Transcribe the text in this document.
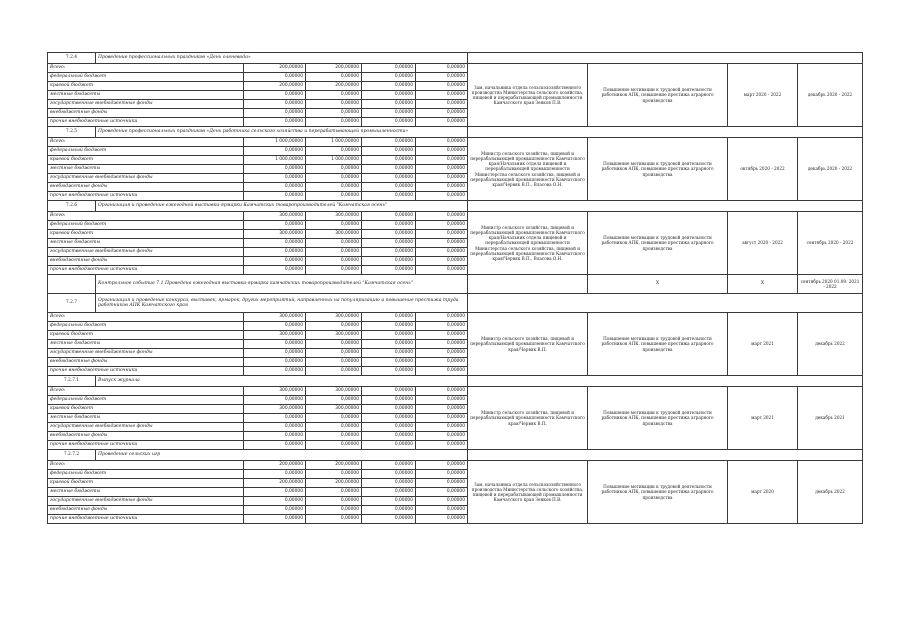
7.2.4	Проведение профессиональных праздников «День оленевода»								
Всего:		200,00000	200,00000	0,00000	0,00000	Зам. начальника отдела сельскохозяйственного производства Министерства сельского хозяйства, пищевой и перерабатывающей промышленности Камчатского края Зенков П.В.	Повышение мотивации к трудовой деятельности работников АПК, повышение престижа аграрного производства	март 2020 - 2022	декабрь 2020 - 2022
федеральный бюджет		0,00000	0,00000	0,00000	0,00000				
краевой бюджет		200,00000	200,00000	0,00000	0,00000				
местные бюджеты		0,00000	0,00000	0,00000	0,00000				
государственные внебюджетные фонды		0,00000	0,00000	0,00000	0,00000				
внебюджетные фонды		0,00000	0,00000	0,00000	0,00000				
прочие внебюджетные источники		0,00000	0,00000	0,00000	0,00000				
7.2.5	Проведение профессиональных праздников «День работника сельского хозяйства и перерабатывающей промышленности»								
Всего:		1 000,00000	1 000,00000	0,00000	0,00000	Министр сельского хозяйства, пищевой и перерабатывающей промышленности Камчатского края/Начальник отдела пищевой и перерабатывающей промышленности Министерства сельского хозяйства, пищевой и перерабатывающей промышленности Камчатского края/Червяк В.П., Власова О.Н.	Повышение мотивации к трудовой деятельности работников АПК, повышение престижа аграрного производства	октябрь 2020 - 2022	декабрь 2020 - 2022
федеральный бюджет		0,00000	0,00000	0,00000	0,00000				
краевой бюджет		1 000,00000	1 000,00000	0,00000	0,00000				
местные бюджеты		0,00000	0,00000	0,00000	0,00000				
государственные внебюджетные фонды		0,00000	0,00000	0,00000	0,00000				
внебюджетные фонды		0,00000	0,00000	0,00000	0,00000				
прочие внебюджетные источники		0,00000	0,00000	0,00000	0,00000				
7.2.6	Организация и проведение ежегодной выставки-ярмарки Камчатских товаропроизводителей "Камчатская осень"								
Всего:		300,00000	300,00000	0,00000	0,00000	Министр сельского хозяйства, пищевой и перерабатывающей промышленности Камчатского края/Начальник отдела пищевой и перерабатывающей промышленности Министерства сельского хозяйства, пищевой и перерабатывающей промышленности Камчатского края/Червяк В.П., Власова О.Н.	Повышение мотивации к трудовой деятельности работников АПК, повышение престижа аграрного производства	август 2020 - 2022	сентябрь 2020 - 2022
федеральный бюджет		0,00000	0,00000	0,00000	0,00000				
краевой бюджет		300,00000	300,00000	0,00000	0,00000				
местные бюджеты		0,00000	0,00000	0,00000	0,00000				
государственные внебюджетные фонды		0,00000	0,00000	0,00000	0,00000				
внебюджетные фонды		0,00000	0,00000	0,00000	0,00000				
прочие внебюджетные источники		0,00000	0,00000	0,00000	0,00000				
	Контрольное событие 7.1 Проведена ежегодная выставка-ярмарка камчатских товаропроизводителей "Камчатская осень"						X	X	сентябрь 2020 01.09. 2021 - 2022
7.2.7	Организация и проведение конкурса, выставок, ярмарок, других мероприятий, направленных на популяризацию и повышение престижа труда работников АПК Камчатского края								
Всего:		300,00000	300,00000	0,00000	0,00000	Министр сельского хозяйства, пищевой и перерабатывающей промышленности Камчатского края/Червяк В.П.	Повышение мотивации к трудовой деятельности работников АПК, повышение престижа аграрного производства	март 2021	декабрь 2022
федеральный бюджет		0,00000	0,00000	0,00000	0,00000				
краевой бюджет		300,00000	300,00000	0,00000	0,00000				
местные бюджеты		0,00000	0,00000	0,00000	0,00000				
государственные внебюджетные фонды		0,00000	0,00000	0,00000	0,00000				
внебюджетные фонды		0,00000	0,00000	0,00000	0,00000				
прочие внебюджетные источники		0,00000	0,00000	0,00000	0,00000				
7.2.7.1	Выпуск журнала								
Всего:		300,00000	300,00000	0,00000	0,00000	Министр сельского хозяйства, пищевой и перерабатывающей промышленности Камчатского края/Червяк В.П.	Повышение мотивации к трудовой деятельности работников АПК, повышение престижа аграрного производства	март 2021	декабрь 2021
федеральный бюджет		0,00000	0,00000	0,00000	0,00000				
краевой бюджет		300,00000	300,00000	0,00000	0,00000				
местные бюджеты		0,00000	0,00000	0,00000	0,00000				
государственные внебюджетные фонды		0,00000	0,00000	0,00000	0,00000				
внебюджетные фонды		0,00000	0,00000	0,00000	0,00000				
прочие внебюджетные источники		0,00000	0,00000	0,00000	0,00000				
7.2.7.2	Проведение сельских игр								
Всего:		200,00000	200,00000	0,00000	0,00000	Зам. начальника отдела сельскохозяйственного производства Министерства сельского хозяйства, пищевой и перерабатывающей промышленности Камчатского края Зенков П.В.	Повышение мотивации к трудовой деятельности работников АПК, повышение престижа аграрного производства	март 2020	декабрь 2022
федеральный бюджет		0,00000	0,00000	0,00000	0,00000				
краевой бюджет		200,00000	200,00000	0,00000	0,00000				
местные бюджеты		0,00000	0,00000	0,00000	0,00000				
государственные внебюджетные фонды		0,00000	0,00000	0,00000	0,00000				
внебюджетные фонды		0,00000	0,00000	0,00000	0,00000				
прочие внебюджетные источники		0,00000	0,00000	0,00000	0,00000				
